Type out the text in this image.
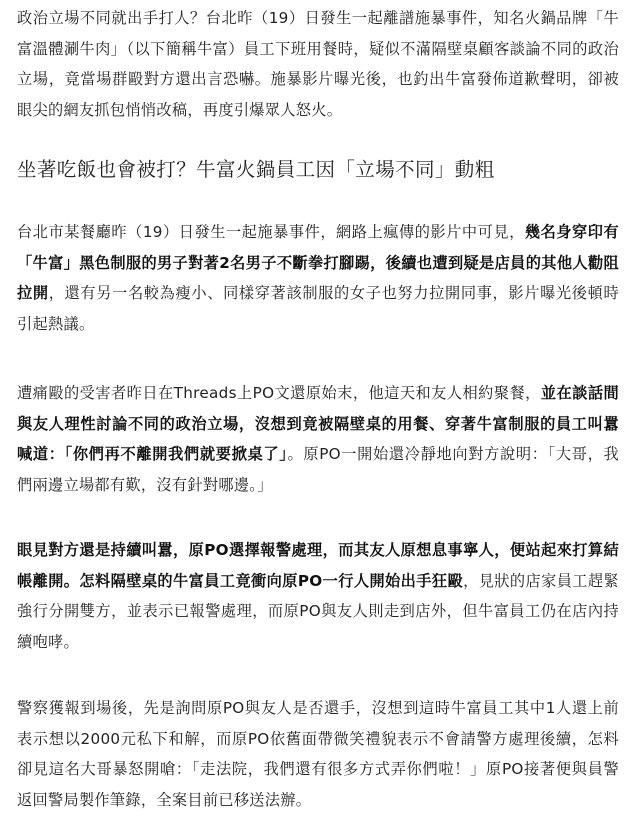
政治立場不同就出手打人？台北昨（19）日發生一起離譜施暴事件，知名火鍋品牌「牛富溫體涮牛肉」（以下簡稱牛富）員工下班用餐時，疑似不滿隔壁桌顧客談論不同的政治立場，竟當場群毆對方還出言恐嚇。施暴影片曝光後，也釣出牛富發佈道歉聲明，卻被眼尖的網友抓包悄悄改稿，再度引爆眾人怒火。

坐著吃飯也會被打？牛富火鍋員工因「立場不同」動粗

台北市某餐廳昨（19）日發生一起施暴事件，網路上瘋傳的影片中可見，幾名身穿印有「牛富」黑色制服的男子對著2名男子不斷拳打腳踢，後續也遭到疑是店員的其他人勸阻拉開，還有另一名較為瘦小、同樣穿著該制服的女子也努力拉開同事，影片曝光後頓時引起熱議。

遭痛毆的受害者昨日在Threads上PO文還原始末，他這天和友人相約聚餐，並在談話間與友人理性討論不同的政治立場，沒想到竟被隔壁桌的用餐、穿著牛富制服的員工叫囂喊道：「你們再不離開我們就要掀桌了」。原PO一開始還冷靜地向對方說明：「大哥，我們兩邊立場都有歎，沒有針對哪邊。」

眼見對方還是持續叫囂，原PO選擇報警處理，而其友人原想息事寧人，便站起來打算結帳離開。怎料隔壁桌的牛富員工竟衝向原PO一行人開始出手狂毆，見狀的店家員工趕緊強行分開雙方，並表示已報警處理，而原PO與友人則走到店外，但牛富員工仍在店內持續咆哮。

警察獲報到場後，先是詢問原PO與友人是否還手，沒想到這時牛富員工其中1人還上前表示想以2000元私下和解，而原PO依舊面帶微笑禮貌表示不會請警方處理後續，怎料卻見這名大哥暴怒開嗆：「走法院，我們還有很多方式弄你們啦！」原PO接著便與員警返回警局製作筆錄，全案目前已移送法辦。
